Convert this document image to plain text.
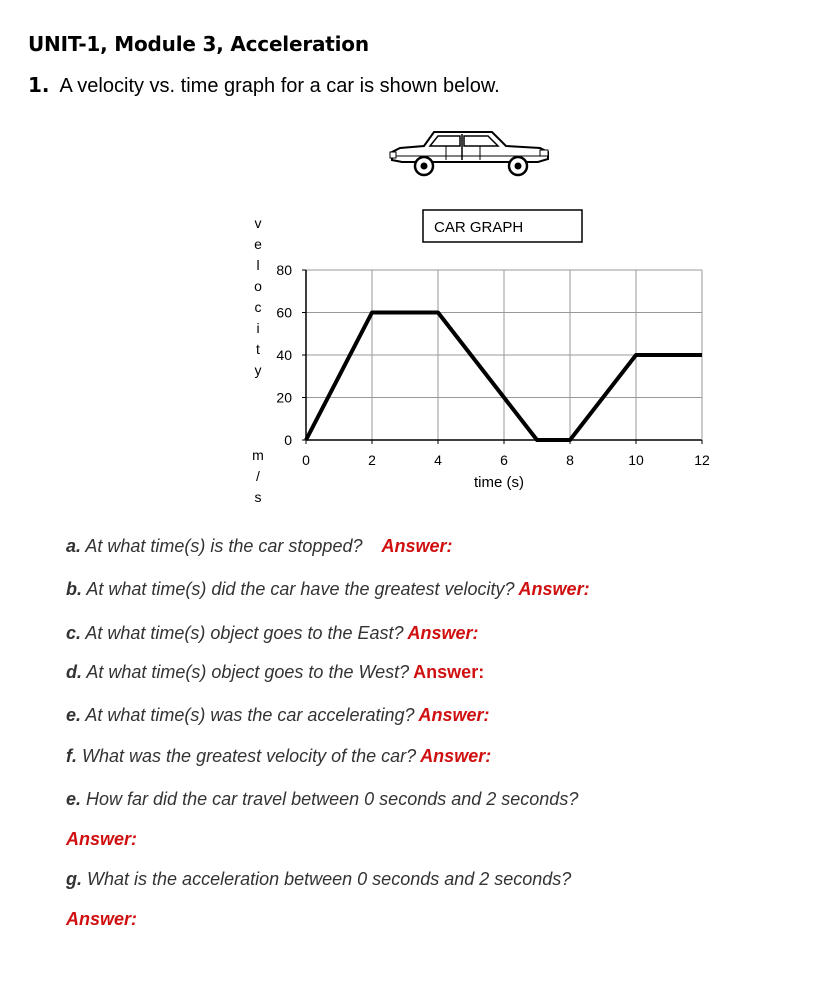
UNIT-1, Module 3, Acceleration
1. A velocity vs. time graph for a car is shown below.
0
20
40
60
80
0	2	4	6	8	10	12
v
e
l
o
c
i
t
y
m
/
s
CAR GRAPH
time (s)
a. At what time(s) is the car stopped? Answer:
b. At what time(s) did the car have the greatest velocity? Answer:
c. At what time(s) object goes to the East? Answer:
d. At what time(s) object goes to the West? Answer:
e. At what time(s) was the car accelerating? Answer:
f. What was the greatest velocity of the car? Answer:
e. How far did the car travel between 0 seconds and 2 seconds?
Answer:
g. What is the acceleration between 0 seconds and 2 seconds?
Answer:
